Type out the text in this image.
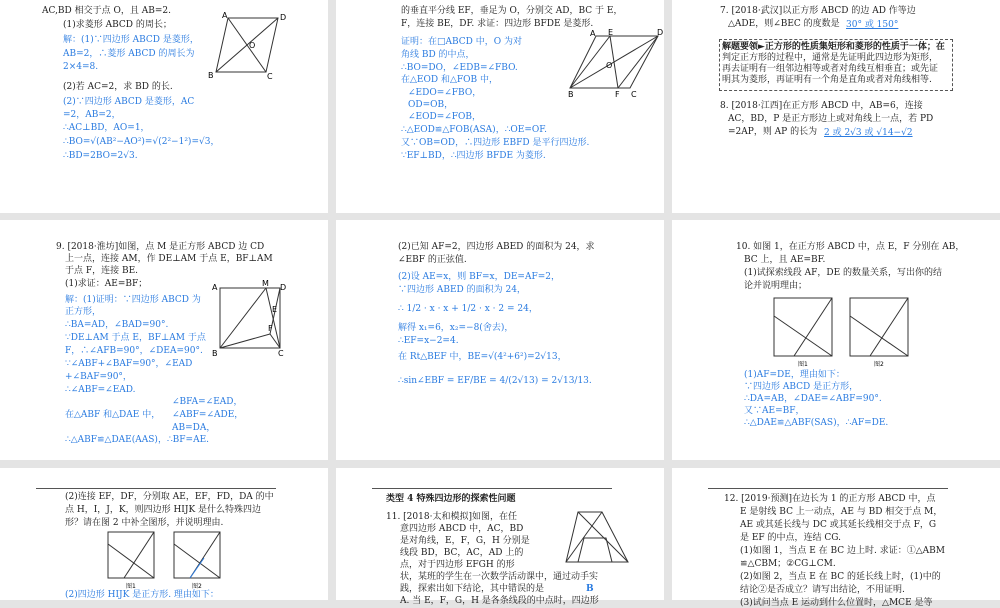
AC,BD 相交于点 O，且 AB=2.
(1)求菱形 ABCD 的周长；
解：(1)∵四边形 ABCD 是菱形，
AB=2，∴菱形 ABCD 的周长为
2×4=8.
(2)若 AC=2，求 BD 的长.
(2)∵四边形 ABCD 是菱形，AC
=2，AB=2，
∴AC⊥BD，AO=1，
∴BO=√(AB²−AO²)=√(2²−1²)=√3，
∴BD=2BO=2√3.
A	D
B	C
O
的垂直平分线 EF，垂足为 O，分别交 AD，BC 于 E，
F，连接 BE，DF. 求证：四边形 BFDE 是菱形.
证明：在□ABCD 中，O 为对
角线 BD 的中点，
∴BO=DO，∠EDB=∠FBO.
在△EOD 和△FOB 中，
∠EDO=∠FBO，
OD=OB，
∠EOD=∠FOB，
∴△EOD≌△FOB(ASA)，∴OE=OF.
又∵OB=OD，∴四边形 EBFD 是平行四边形.
∵EF⊥BD，∴四边形 BFDE 为菱形.
A E	D
B	F C
O
7. [2018·武汉]以正方形 ABCD 的边 AD 作等边
△ADE，则∠BEC 的度数是 30° 或 150°
解题要领►正方形的性质集矩形和菱形的性质于一体；在
判定正方形的过程中，通常是先证明此四边形为矩形，
再去证明有一组邻边相等或者对角线互相垂直；或先证
明其为菱形，再证明有一个角是直角或者对角线相等.
8. [2018·江西]在正方形 ABCD 中，AB=6，连接
AC，BD，P 是正方形边上或对角线上一点，若 PD
=2AP，则 AP 的长为 2 或 2√3 或 √14−√2
9. [2018·淮坊]如图，点 M 是正方形 ABCD 边 CD
上一点，连接 AM，作 DE⊥AM 于点 E，BF⊥AM
于点 F，连接 BE.
(1)求证：AE=BF；
解：(1)证明：∵四边形 ABCD 为
正方形，
∴BA=AD，∠BAD=90°.
∵DE⊥AM 于点 E，BF⊥AM 于点
F，∴∠AFB=90°，∠DEA=90°.
∵∠ABF+∠BAF=90°，∠EAD
+∠BAF=90°，
∴∠ABF=∠EAD.
∠BFA=∠EAD，
在△ABF 和△DAE 中， ∠ABF=∠ADE，
AB=DA，
∴△ABF≌△DAE(AAS)，∴BF=AE.
A	D
M
E
F
B	C
(2)已知 AF=2，四边形 ABED 的面积为 24，求
∠EBF 的正弦值.
(2)设 AE=x，则 BF=x，DE=AF=2，
∵四边形 ABED 的面积为 24，
∴ 1/2 · x · x + 1/2 · x · 2 = 24，
解得 x₁=6，x₂=−8(舍去)，
∴EF=x−2=4.
在 Rt△BEF 中，BE=√(4²+6²)=2√13，
∴sin∠EBF = EF/BE = 4/(2√13) = 2√13/13.
10. 如图 1，在正方形 ABCD 中，点 E，F 分别在 AB，
BC 上，且 AE=BF.
(1)试探索线段 AF，DE 的数量关系，写出你的结
论并说明理由；
图1	图2
(1)AF=DE，理由如下：
∵四边形 ABCD 是正方形，
∴DA=AB，∠DAE=∠ABF=90°.
又∵AE=BF，
∴△DAE≌△ABF(SAS)，∴AF=DE.
(2)连接 EF，DF，分别取 AE，EF，FD，DA 的中
点 H，I，J，K，则四边形 HIJK 是什么特殊四边
形？请在图 2 中补全图形，并说明理由.
图1	图2
(2)四边形 HIJK 是正方形. 理由如下：
类型 4 特殊四边形的探索性问题
11. [2018·太和模拟]如图，在任
意四边形 ABCD 中，AC，BD
是对角线，E，F，G，H 分别是
线段 BD，BC，AC，AD 上的
点，对于四边形 EFGH 的形
状，某班的学生在一次数学活动课中，通过动手实
践，探索出如下结论，其中错误的是	B
A. 当 E，F，G，H 是各条线段的中点时，四边形
12. [2019·预测]在边长为 1 的正方形 ABCD 中，点
E 是射线 BC 上一动点，AE 与 BD 相交于点 M，
AE 或其延长线与 DC 或其延长线相交于点 F，G
是 EF 的中点，连结 CG.
(1)如图 1，当点 E 在 BC 边上时. 求证：①△ABM
≌△CBM；②CG⊥CM.
(2)如图 2，当点 E 在 BC 的延长线上时，(1)中的
结论②是否成立？请写出结论，不用证明.
(3)试问当点 E 运动到什么位置时，△MCE 是等
